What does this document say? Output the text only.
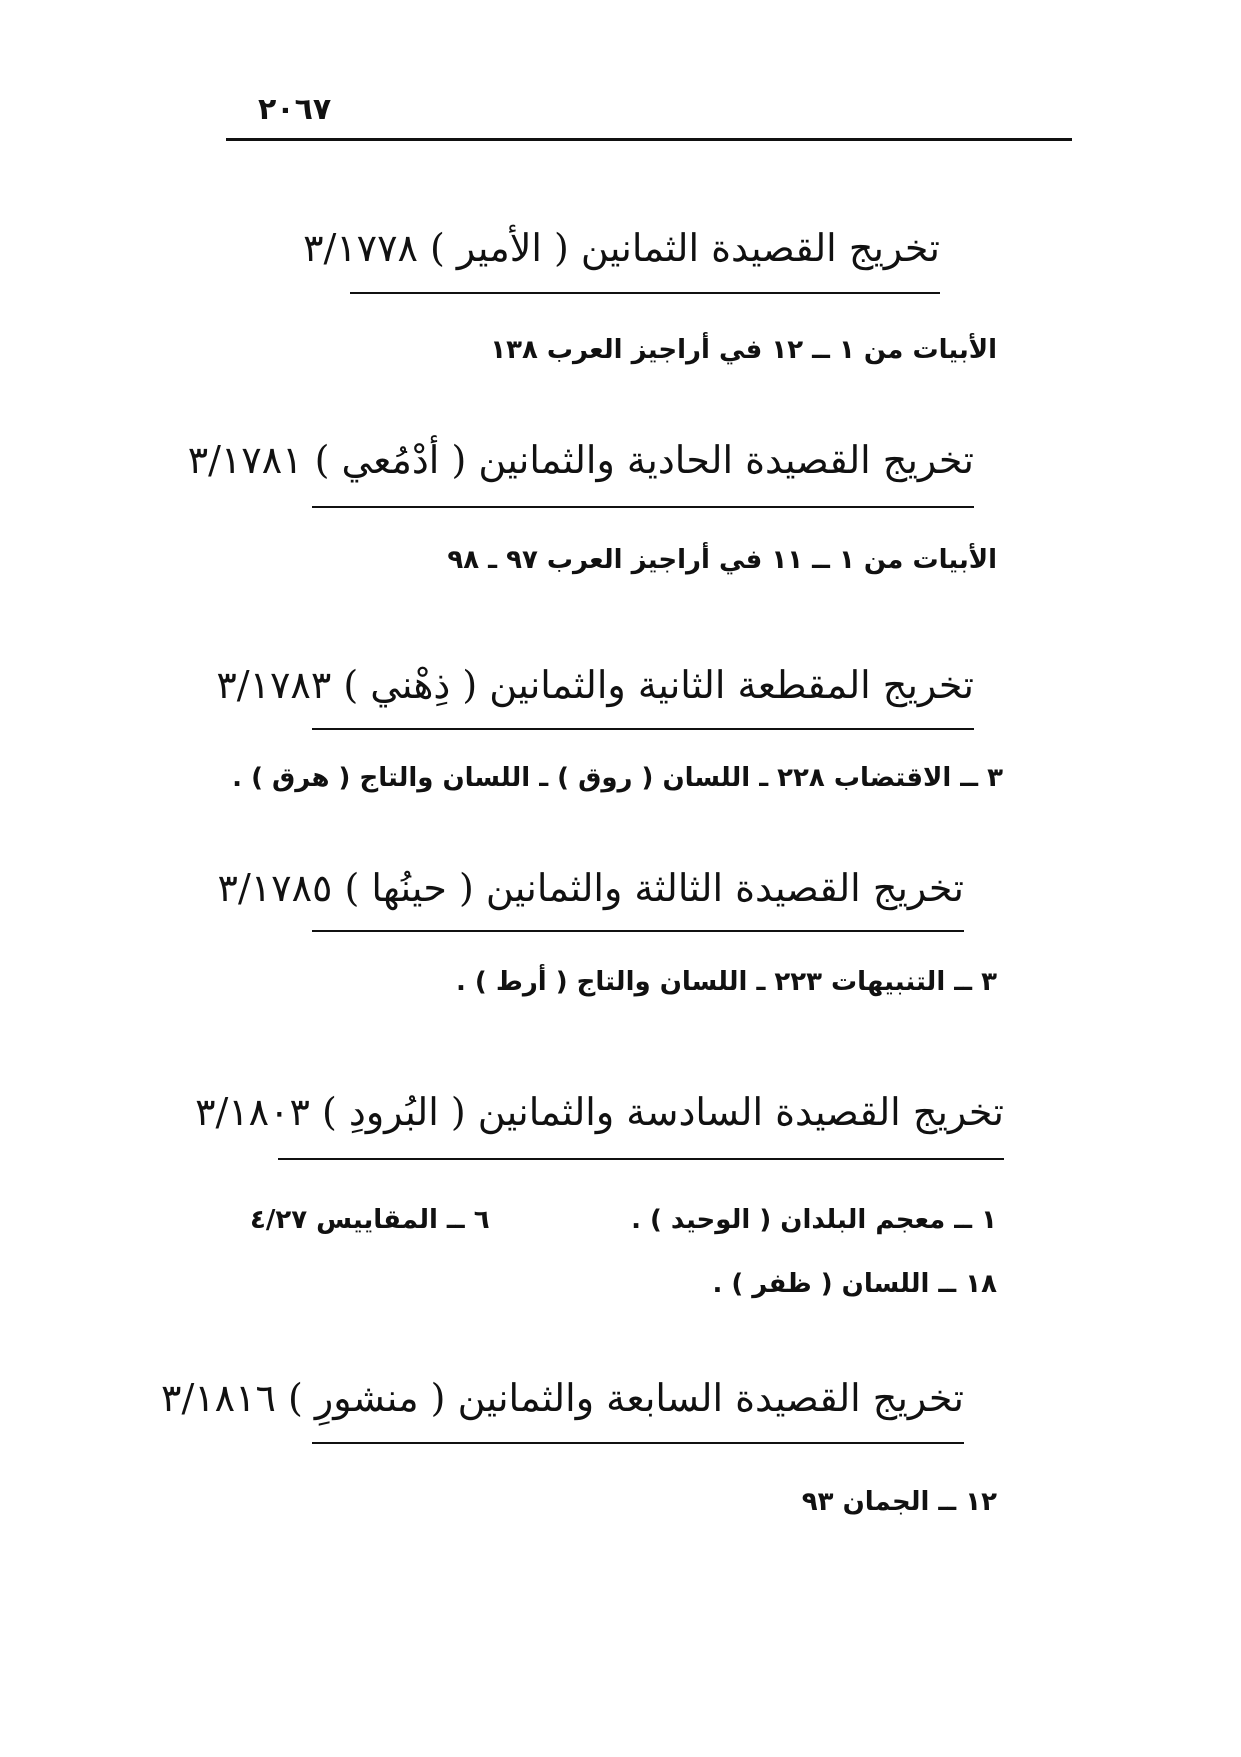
٢٠٦٧
تخريج القصيدة الثمانين ( الأمير ) ٣/١٧٧٨
الأبيات من ١ ــ ١٢ في أراجيز العرب ١٣٨
تخريج القصيدة الحادية والثمانين ( أدْمُعي ) ٣/١٧٨١
الأبيات من ١ ــ ١١ في أراجيز العرب ٩٧ ـ ٩٨
تخريج المقطعة الثانية والثمانين ( ذِهْني ) ٣/١٧٨٣
٣ ــ الاقتضاب ٢٢٨ ـ اللسان ( روق ) ـ اللسان والتاج ( هرق ) .
تخريج القصيدة الثالثة والثمانين ( حينُها ) ٣/١٧٨٥
٣ ــ التنبيهات ٢٢٣ ـ اللسان والتاج ( أرط ) .
تخريج القصيدة السادسة والثمانين ( البُرودِ ) ٣/١٨٠٣
١ ــ معجم البلدان ( الوحيد ) .
٦ ــ المقاييس ٤/٢٧
١٨ ــ اللسان ( ظفر ) .
تخريج القصيدة السابعة والثمانين ( منشورِ ) ٣/١٨١٦
١٢ ــ الجمان ٩٣
